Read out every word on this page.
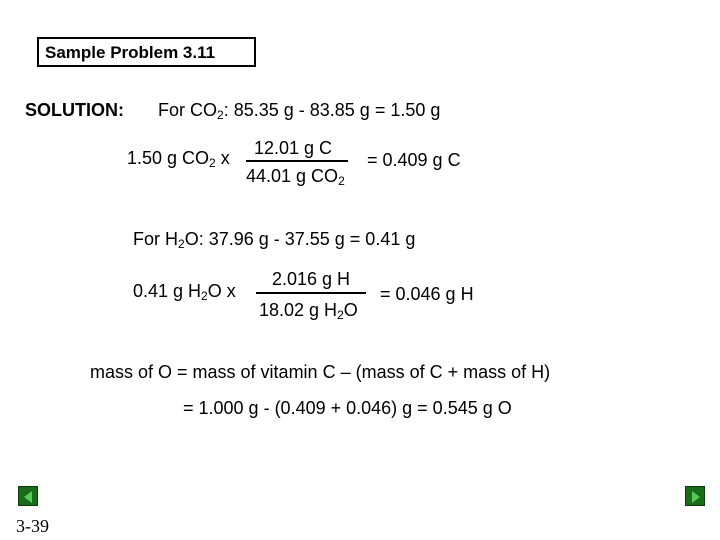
Sample Problem 3.11
SOLUTION: For $CO_2$: 85.35 g - 83.85 g = 1.50 g
1.50 g $CO_2$ x 12.01 g C
44.01 g $CO_2$
= 0.409 g C
For $H_2O$: 37.96 g - 37.55 g = 0.41 g
0.41 g $H_2O$ x
2.016 g H
18.02 g $H_2O$
= 0.046 g H
mass of O = mass of vitamin C – (mass of C + mass of H)
= 1.000 g - (0.409 + 0.046) g = 0.545 g O
3-39
